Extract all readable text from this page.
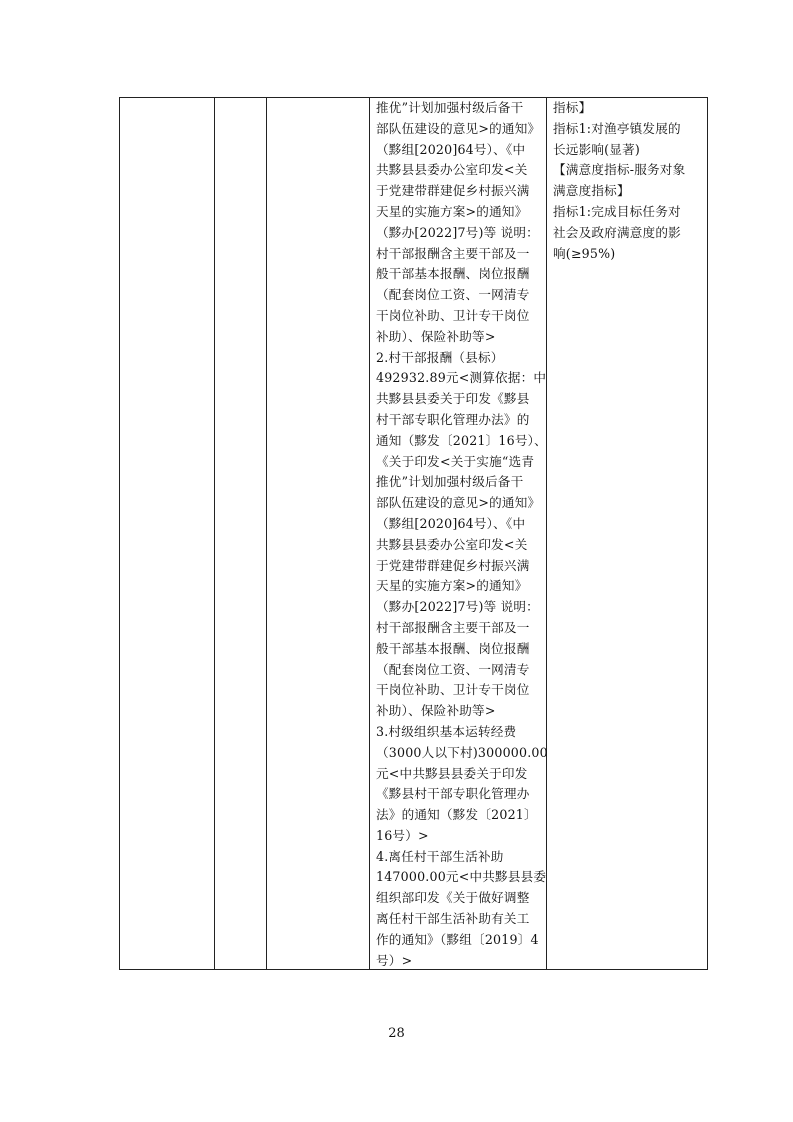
推优”计划加强村级后备干
部队伍建设的意见>的通知》
（黟组[2020]64号）、《中
共黟县县委办公室印发<关
于党建带群建促乡村振兴满
天星的实施方案>的通知》
（黟办[2022]7号)等 说明：
村干部报酬含主要干部及一
般干部基本报酬、岗位报酬
（配套岗位工资、一网清专
干岗位补助、卫计专干岗位
补助）、保险补助等>
2.村干部报酬（县标）
492932.89元<测算依据：中
共黟县县委关于印发《黟县
村干部专职化管理办法》的
通知（黟发〔2021〕16号）、
《关于印发<关于实施“选青
推优”计划加强村级后备干
部队伍建设的意见>的通知》
（黟组[2020]64号）、《中
共黟县县委办公室印发<关
于党建带群建促乡村振兴满
天星的实施方案>的通知》
（黟办[2022]7号)等 说明：
村干部报酬含主要干部及一
般干部基本报酬、岗位报酬
（配套岗位工资、一网清专
干岗位补助、卫计专干岗位
补助）、保险补助等>
3.村级组织基本运转经费
（3000人以下村)300000.00
元<中共黟县县委关于印发
《黟县村干部专职化管理办
法》的通知（黟发〔2021〕
16号）>
4.离任村干部生活补助
147000.00元<中共黟县县委
组织部印发《关于做好调整
离任村干部生活补助有关工
作的通知》（黟组〔2019〕4
号）>
指标】
指标1:对渔亭镇发展的
长远影响(显著)
【满意度指标-服务对象
满意度指标】
指标1:完成目标任务对
社会及政府满意度的影
响(≥95%)
28
